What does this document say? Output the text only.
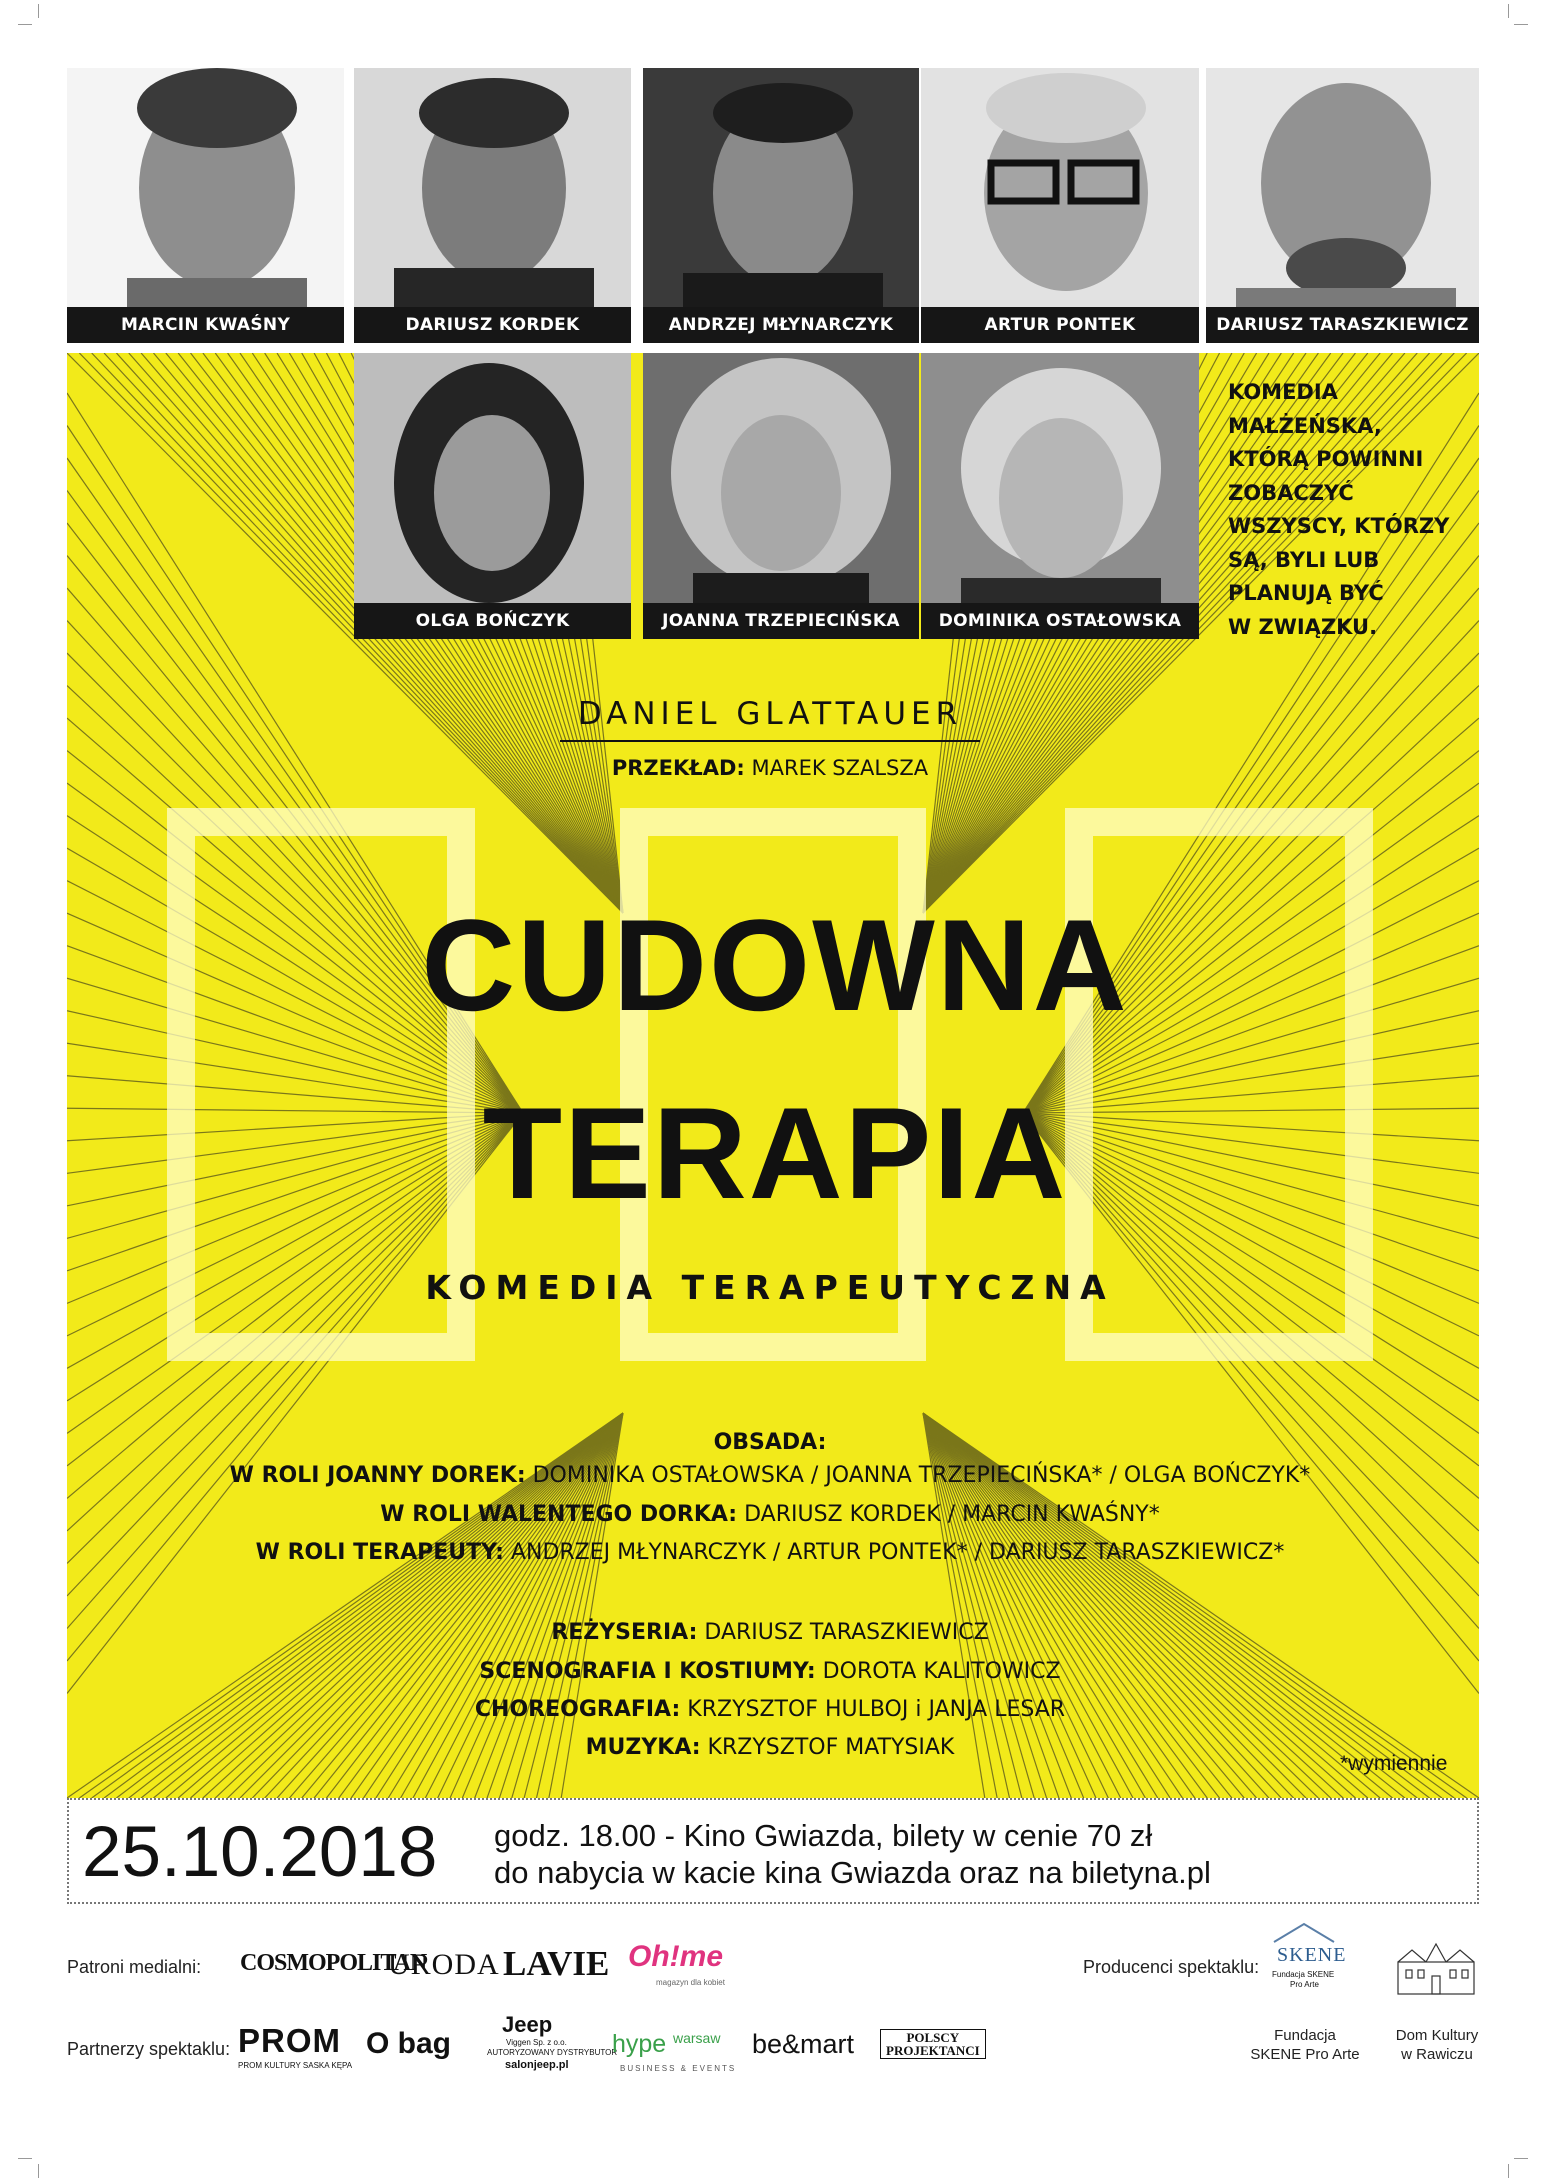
MARCIN KWAŚNY	DARIUSZ KORDEK	ANDRZEJ MŁYNARCZYK	ARTUR PONTEK	DARIUSZ TARASZKIEWICZ
OLGA BOŃCZYK	JOANNA TRZEPIECIŃSKA	DOMINIKA OSTAŁOWSKA
KOMEDIA
MAŁŻEŃSKA,
KTÓRĄ POWINNI
ZOBACZYĆ
WSZYSCY, KTÓRZY
SĄ, BYLI LUB
PLANUJĄ BYĆ
W ZWIĄZKU.
DANIEL GLATTAUER
PRZEKŁAD: MAREK SZALSZA
CUDOWNA
TERAPIA
KOMEDIA TERAPEUTYCZNA
OBSADA:
W ROLI JOANNY DOREK: DOMINIKA OSTAŁOWSKA / JOANNA TRZEPIECIŃSKA* / OLGA BOŃCZYK*
W ROLI WALENTEGO DORKA: DARIUSZ KORDEK / MARCIN KWAŚNY*
W ROLI TERAPEUTY: ANDRZEJ MŁYNARCZYK / ARTUR PONTEK* / DARIUSZ TARASZKIEWICZ*
REŻYSERIA: DARIUSZ TARASZKIEWICZ
SCENOGRAFIA I KOSTIUMY: DOROTA KALITOWICZ
CHOREOGRAFIA: KRZYSZTOF HULBOJ i JANJA LESAR
MUZYKA: KRZYSZTOF MATYSIAK
*wymiennie
25.10.2018 godz. 18.00 - Kino Gwiazda, bilety w cenie 70 zł
do nabycia w kacie kina Gwiazda oraz na biletyna.pl
Patroni medialni: COSMOPOLITAN
URODA LAVIE Oh!me
magazyn dla kobiet
Producenci spektaklu:
SKENE
Fundacja SKENE
Pro Arte
Fundacja
SKENE Pro Arte
Dom Kultury
w Rawiczu
Partnerzy spektaklu: PROM
PROM KULTURY SASKA KĘPA
O bag
Jeep
Viggen Sp. z o.o.
AUTORYZOWANY DYSTRYBUTOR
salonjeep.pl
hype warsaw
BUSINESS & EVENTS
be&mart	POLSCY
PROJEKTANCI
